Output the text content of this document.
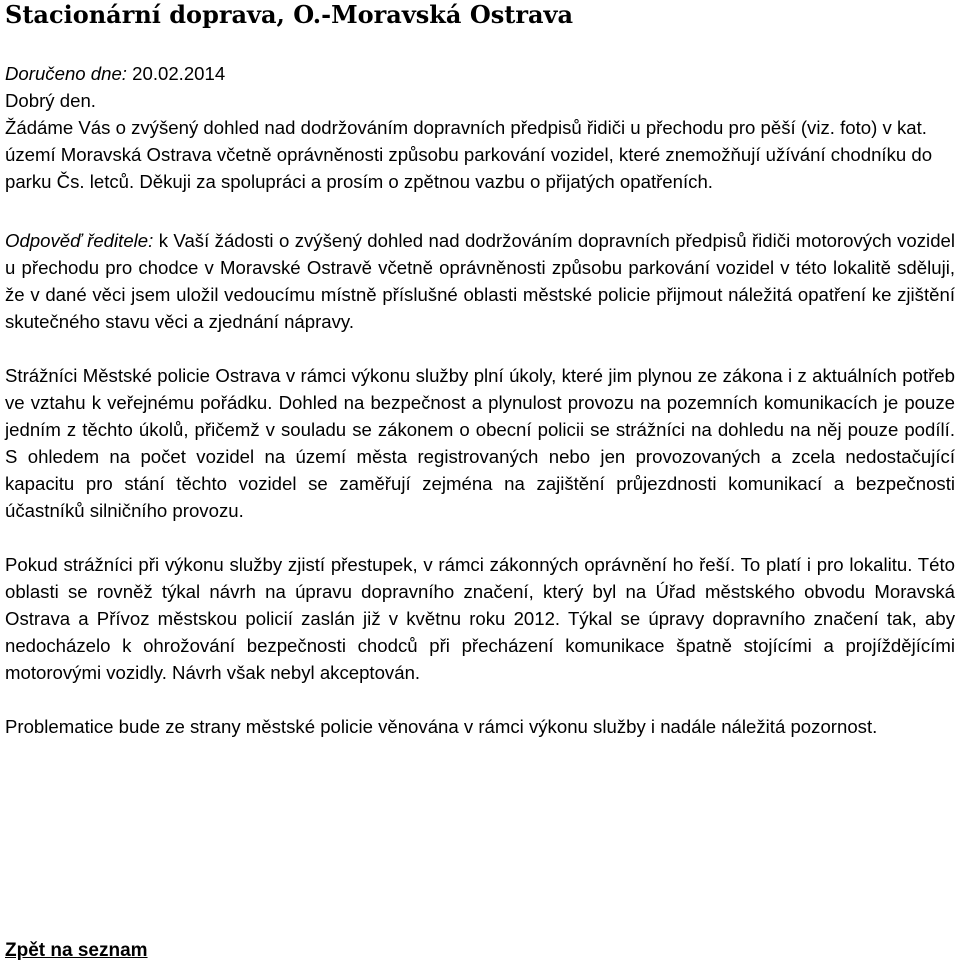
Stacionární doprava, O.-Moravská Ostrava

Doručeno dne: 20.02.2014

Dobrý den.

Žádáme Vás o zvýšený dohled nad dodržováním dopravních předpisů řidiči u přechodu pro pěší (viz. foto) v kat. území Moravská Ostrava včetně oprávněnosti způsobu parkování vozidel, které znemožňují užívání chodníku do parku Čs. letců. Děkuji za spolupráci a prosím o zpětnou vazbu o přijatých opatřeních.

Odpověď ředitele: k Vaší žádosti o zvýšený dohled nad dodržováním dopravních předpisů řidiči motorových vozidel u přechodu pro chodce v Moravské Ostravě včetně oprávněnosti způsobu parkování vozidel v této lokalitě sděluji, že v dané věci jsem uložil vedoucímu místně příslušné oblasti městské policie přijmout náležitá opatření ke zjištění skutečného stavu věci a zjednání nápravy.

Strážníci Městské policie Ostrava v rámci výkonu služby plní úkoly, které jim plynou ze zákona i z aktuálních potřeb ve vztahu k veřejnému pořádku. Dohled na bezpečnost a plynulost provozu na pozemních komunikacích je pouze jedním z těchto úkolů, přičemž v souladu se zákonem o obecní policii se strážníci na dohledu na něj pouze podílí. S ohledem na počet vozidel na území města registrovaných nebo jen provozovaných a zcela nedostačující kapacitu pro stání těchto vozidel se zaměřují zejména na zajištění průjezdnosti komunikací a bezpečnosti účastníků silničního provozu.

Pokud strážníci při výkonu služby zjistí přestupek, v rámci zákonných oprávnění ho řeší. To platí i pro lokalitu. Této oblasti se rovněž týkal návrh na úpravu dopravního značení, který byl na Úřad městského obvodu Moravská Ostrava a Přívoz městskou policií zaslán již v květnu roku 2012. Týkal se úpravy dopravního značení tak, aby nedocházelo k ohrožování bezpečnosti chodců při přecházení komunikace špatně stojícími a projíždějícími motorovými vozidly. Návrh však nebyl akceptován.

Problematice bude ze strany městské policie věnována v rámci výkonu služby i nadále náležitá pozornost.

Zpět na seznam
